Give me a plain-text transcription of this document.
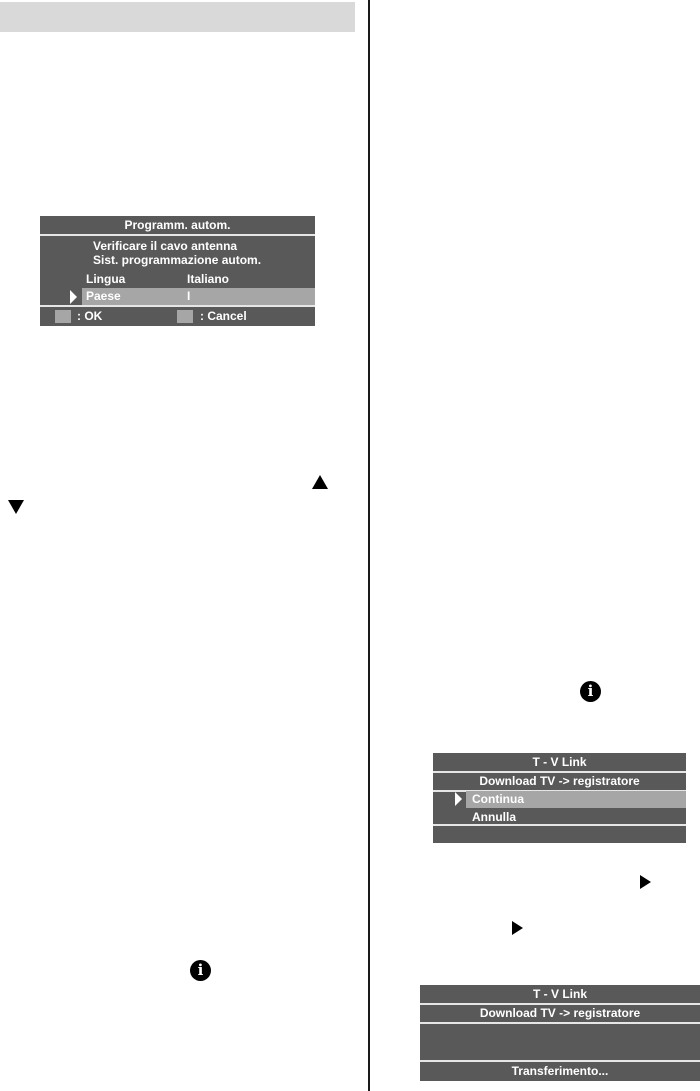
Programm. autom.
Verificare il cavo antenna
Sist. programmazione autom.
Lingua	Italiano
Paese	I
: OK	: Cancel
i
i
T - V Link
Download TV -> registratore
Continua
Annulla
T - V Link
Download TV -> registratore
Transferimento...
